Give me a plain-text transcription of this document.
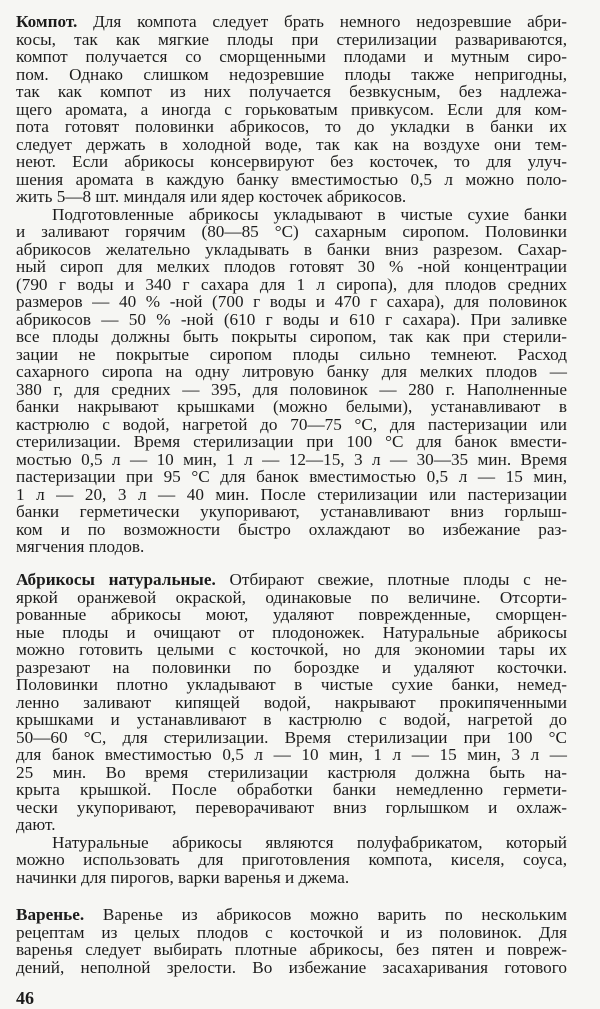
Компот. Для компота следует брать немного недозревшие абри-
косы, так как мягкие плоды при стерилизации развариваются,
компот получается со сморщенными плодами и мутным сиро-
пом. Однако слишком недозревшие плоды также непригодны,
так как компот из них получается безвкусным, без надлежа-
щего аромата, а иногда с горьковатым привкусом. Если для ком-
пота готовят половинки абрикосов, то до укладки в банки их
следует держать в холодной воде, так как на воздухе они тем-
неют. Если абрикосы консервируют без косточек, то для улуч-
шения аромата в каждую банку вместимостью 0,5 л можно поло-
жить 5—8 шт. миндаля или ядер косточек абрикосов.
Подготовленные абрикосы укладывают в чистые сухие банки
и заливают горячим (80—85 °С) сахарным сиропом. Половинки
абрикосов желательно укладывать в банки вниз разрезом. Сахар-
ный сироп для мелких плодов готовят 30 % -ной концентрации
(790 г воды и 340 г сахара для 1 л сиропа), для плодов средних
размеров — 40 % -ной (700 г воды и 470 г сахара), для половинок
абрикосов — 50 % -ной (610 г воды и 610 г сахара). При заливке
все плоды должны быть покрыты сиропом, так как при стерили-
зации не покрытые сиропом плоды сильно темнеют. Расход
сахарного сиропа на одну литровую банку для мелких плодов —
380 г, для средних — 395, для половинок — 280 г. Наполненные
банки накрывают крышками (можно белыми), устанавливают в
кастрюлю с водой, нагретой до 70—75 °С, для пастеризации или
стерилизации. Время стерилизации при 100 °С для банок вмести-
мостью 0,5 л — 10 мин, 1 л — 12—15, 3 л — 30—35 мин. Время
пастеризации при 95 °С для банок вместимостью 0,5 л — 15 мин,
1 л — 20, 3 л — 40 мин. После стерилизации или пастеризации
банки герметически укупоривают, устанавливают вниз горлыш-
ком и по возможности быстро охлаждают во избежание раз-
мягчения плодов.
Абрикосы натуральные. Отбирают свежие, плотные плоды с не-
яркой оранжевой окраской, одинаковые по величине. Отсорти-
рованные абрикосы моют, удаляют поврежденные, сморщен-
ные плоды и очищают от плодоножек. Натуральные абрикосы
можно готовить целыми с косточкой, но для экономии тары их
разрезают на половинки по бороздке и удаляют косточки.
Половинки плотно укладывают в чистые сухие банки, немед-
ленно заливают кипящей водой, накрывают прокипяченными
крышками и устанавливают в кастрюлю с водой, нагретой до
50—60 °С, для стерилизации. Время стерилизации при 100 °С
для банок вместимостью 0,5 л — 10 мин, 1 л — 15 мин, 3 л —
25 мин. Во время стерилизации кастрюля должна быть на-
крыта крышкой. После обработки банки немедленно гермети-
чески укупоривают, переворачивают вниз горлышком и охлаж-
дают.
Натуральные абрикосы являются полуфабрикатом, который
можно использовать для приготовления компота, киселя, соуса,
начинки для пирогов, варки варенья и джема.
Варенье. Варенье из абрикосов можно варить по нескольким
рецептам из целых плодов с косточкой и из половинок. Для
варенья следует выбирать плотные абрикосы, без пятен и повреж-
дений, неполной зрелости. Во избежание засахаривания готового
46
